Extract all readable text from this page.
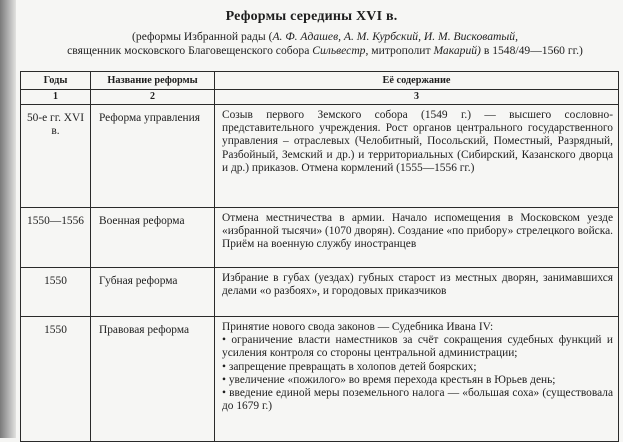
Реформы середины XVI в.
(реформы Избранной рады (А. Ф. Адашев, А. М. Курбский, И. М. Висковатый,
священник московского Благовещенского собора Сильвестр, митрополит Макарий) в 1548/49—1560 гг.)
Годы	Название реформы	Её содержание
1	2	3
50-е гг. XVI в.	Реформа управления	Созыв первого Земского собора (1549 г.) — высшего сословно-представительного учреждения. Рост органов центрального государственного управления – отраслевых (Челобитный, Посольский, Поместный, Разрядный, Разбойный, Земский и др.) и территориальных (Сибирский, Казанского дворца и др.) приказов. Отмена кормлений (1555—1556 гг.)

1550—1556	Военная реформа	Отмена местничества в армии. Начало испомещения в Московском уезде «избранной тысячи» (1070 дворян). Создание «по прибору» стрелецкого войска. Приём на военную службу иностранцев

1550	Губная реформа	Избрание в губах (уездах) губных старост из местных дворян, занимавшихся делами «о разбоях», и городовых приказчиков

1550	Правовая реформа	Принятие нового свода законов — Судебника Ивана IV:
• ограничение власти наместников за счёт сокращения судебных функций и усиления контроля со стороны центральной администрации;
• запрещение превращать в холопов детей боярских;
• увеличение «пожилого» во время перехода крестьян в Юрьев день;
• введение единой меры поземельного налога — «большая соха» (существовала до 1679 г.)
